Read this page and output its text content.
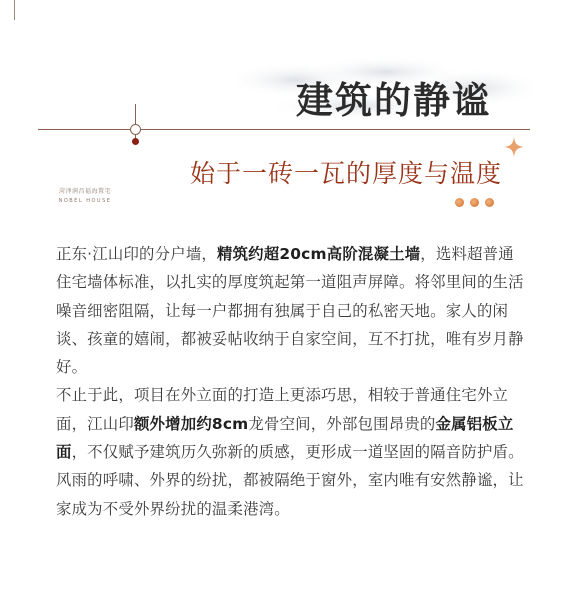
建筑的静谧
始于一砖一瓦的厚度与温度
菏泽润昌福海置宅
NOBEL HOUSE

正东·江山印的分户墙，精筑约超20cm高阶混凝土墙，选料超普通住宅墙体标准，以扎实的厚度筑起第一道阻声屏障。将邻里间的生活噪音细密阻隔，让每一户都拥有独属于自己的私密天地。家人的闲谈、孩童的嬉闹，都被妥帖收纳于自家空间，互不打扰，唯有岁月静好。

不止于此，项目在外立面的打造上更添巧思，相较于普通住宅外立面，江山印额外增加约8cm龙骨空间，外部包围昂贵的金属铝板立面，不仅赋予建筑历久弥新的质感，更形成一道坚固的隔音防护盾。风雨的呼啸、外界的纷扰，都被隔绝于窗外，室内唯有安然静谧，让家成为不受外界纷扰的温柔港湾。
